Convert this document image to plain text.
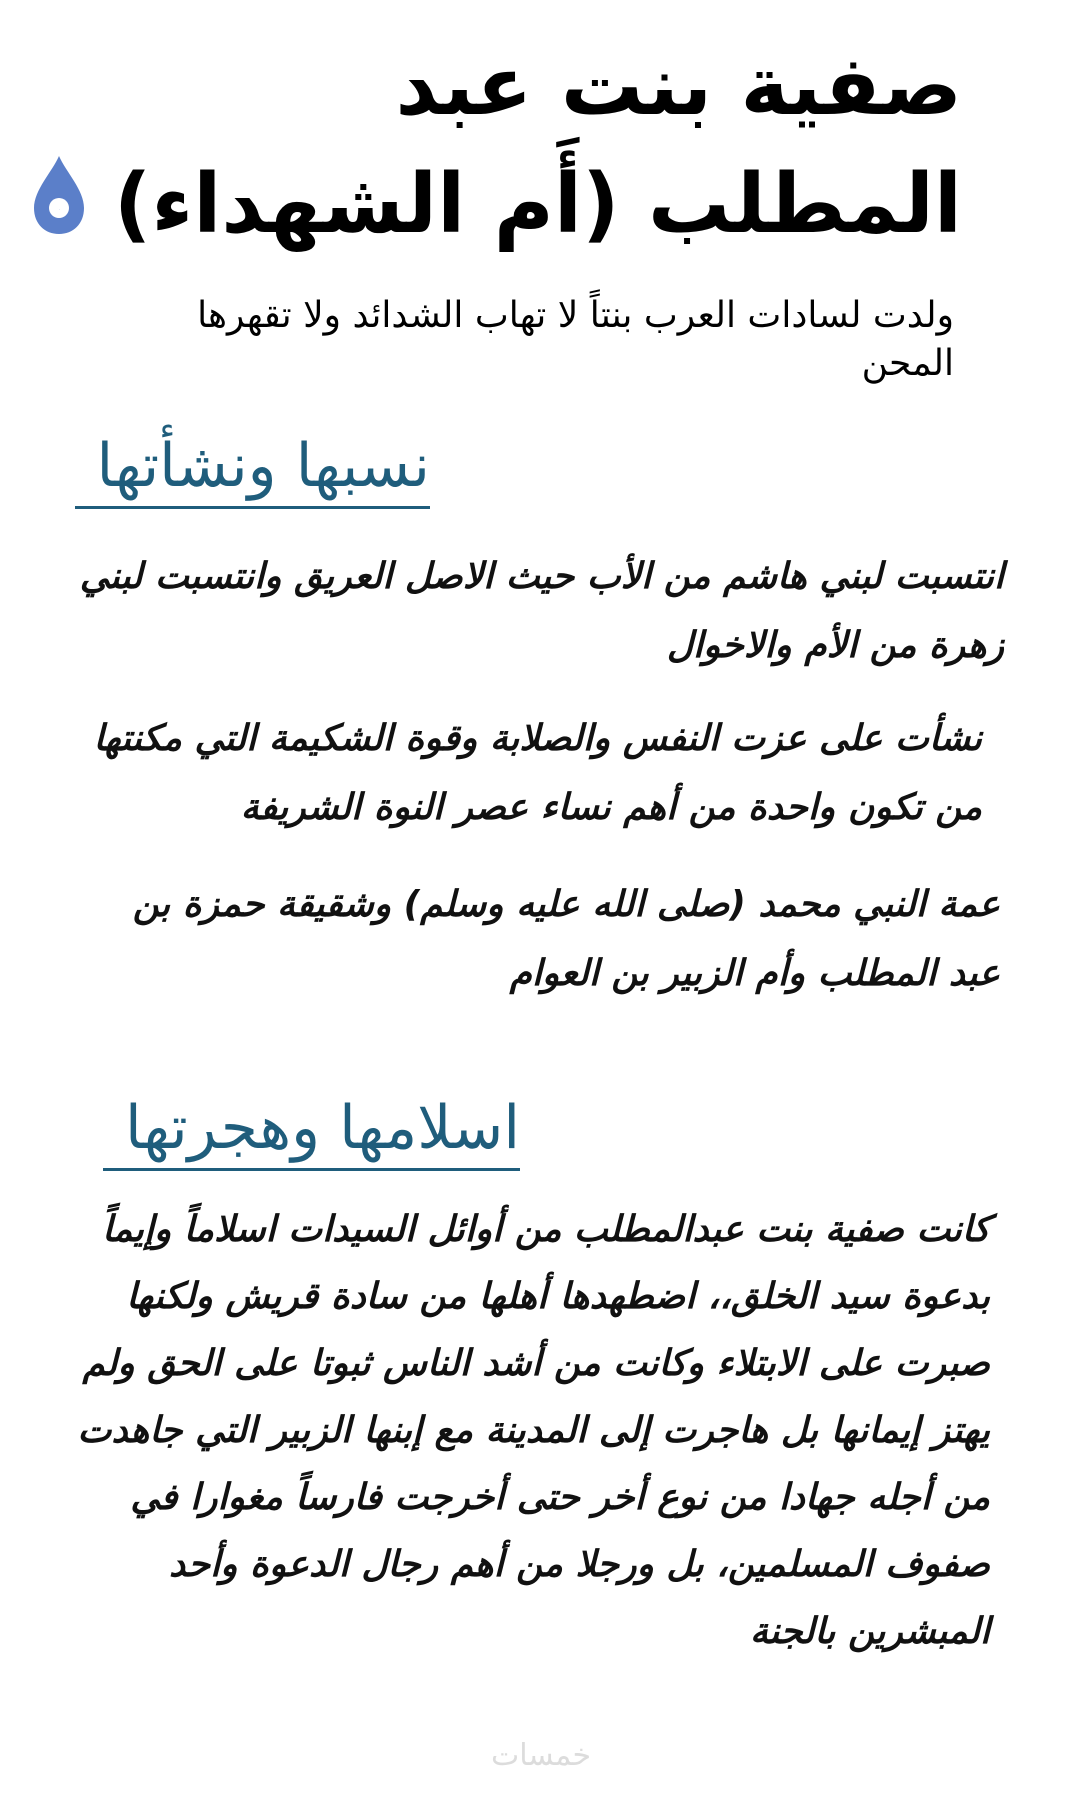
صفية بنت عبد المطلب (أَم الشهداء)
5
ولدت لسادات العرب بنتاً لا تهاب الشدائد ولا تقهرها المحن
نسبها ونشأتها
انتسبت لبني هاشم من الأب حيث الاصل العريق وانتسبت لبني زهرة من الأم والاخوال
نشأت على عزت النفس والصلابة وقوة الشكيمة التي مكنتها من تكون واحدة من أهم نساء عصر النوة الشريفة
عمة النبي محمد (صلى الله عليه وسلم) وشقيقة حمزة بن عبد المطلب وأم الزبير بن العوام
اسلامها وهجرتها
كانت صفية بنت عبدالمطلب من أوائل السيدات اسلاماً وإيماً بدعوة سيد الخلق،، اضطهدها أهلها من سادة قريش ولكنها صبرت على الابتلاء وكانت من أشد الناس ثبوتا على الحق ولم يهتز إيمانها بل هاجرت إلى المدينة مع إبنها الزبير التي جاهدت من أجله جهادا من نوع أخر حتى أخرجت فارساً مغوارا في صفوف المسلمين، بل ورجلا من أهم رجال الدعوة وأحد المبشرين بالجنة
خمسات
